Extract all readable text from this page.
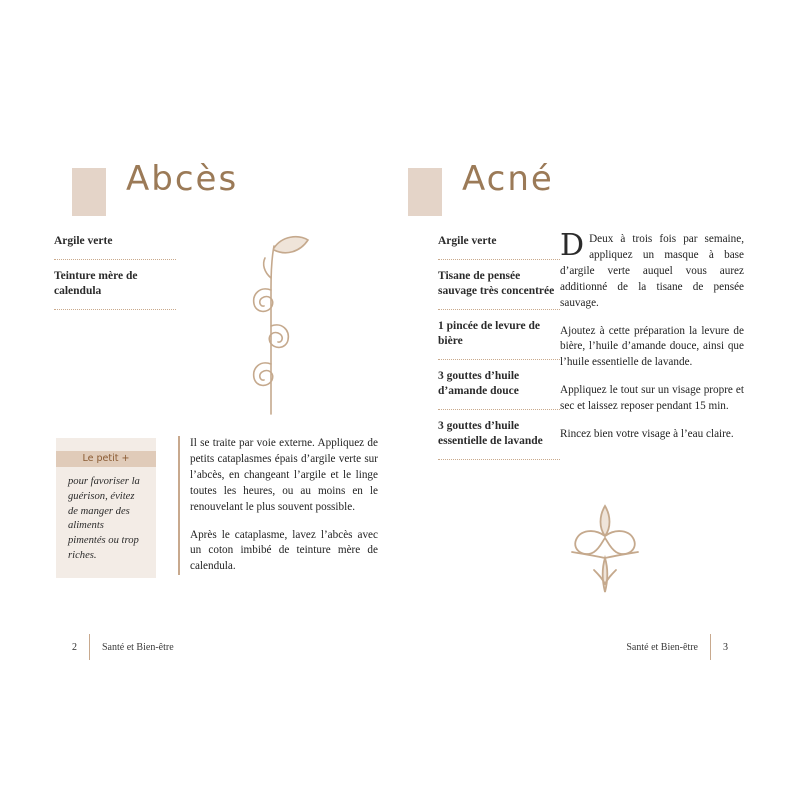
Abcès
Argile verte
Teinture mère de calendula
Le petit +
pour favoriser la guérison, évitez de manger des aliments pimentés ou trop riches.

Il se traite par voie externe. Appliquez de petits cataplasmes épais d’argile verte sur l’abcès, en changeant l’argile et le linge toutes les heures, ou au moins en le renouvelant le plus souvent possible.

Après le cataplasme, lavez l’abcès avec un coton imbibé de teinture mère de calendula.

2	Santé et Bien-être
Acné
Argile verte
Tisane de pensée sauvage très concentrée
1 pincée de levure de bière
3 gouttes d’huile d’amande douce
3 gouttes d’huile essentielle de lavande

D Deux à trois fois par semaine, appliquez un masque à base d’argile verte auquel vous aurez additionné de la tisane de pensée sauvage.

Ajoutez à cette préparation la levure de bière, l’huile d’amande douce, ainsi que l’huile essentielle de lavande.

Appliquez le tout sur un visage propre et sec et laissez reposer pendant 15 min.

Rincez bien votre visage à l’eau claire.

Santé et Bien-être	3
